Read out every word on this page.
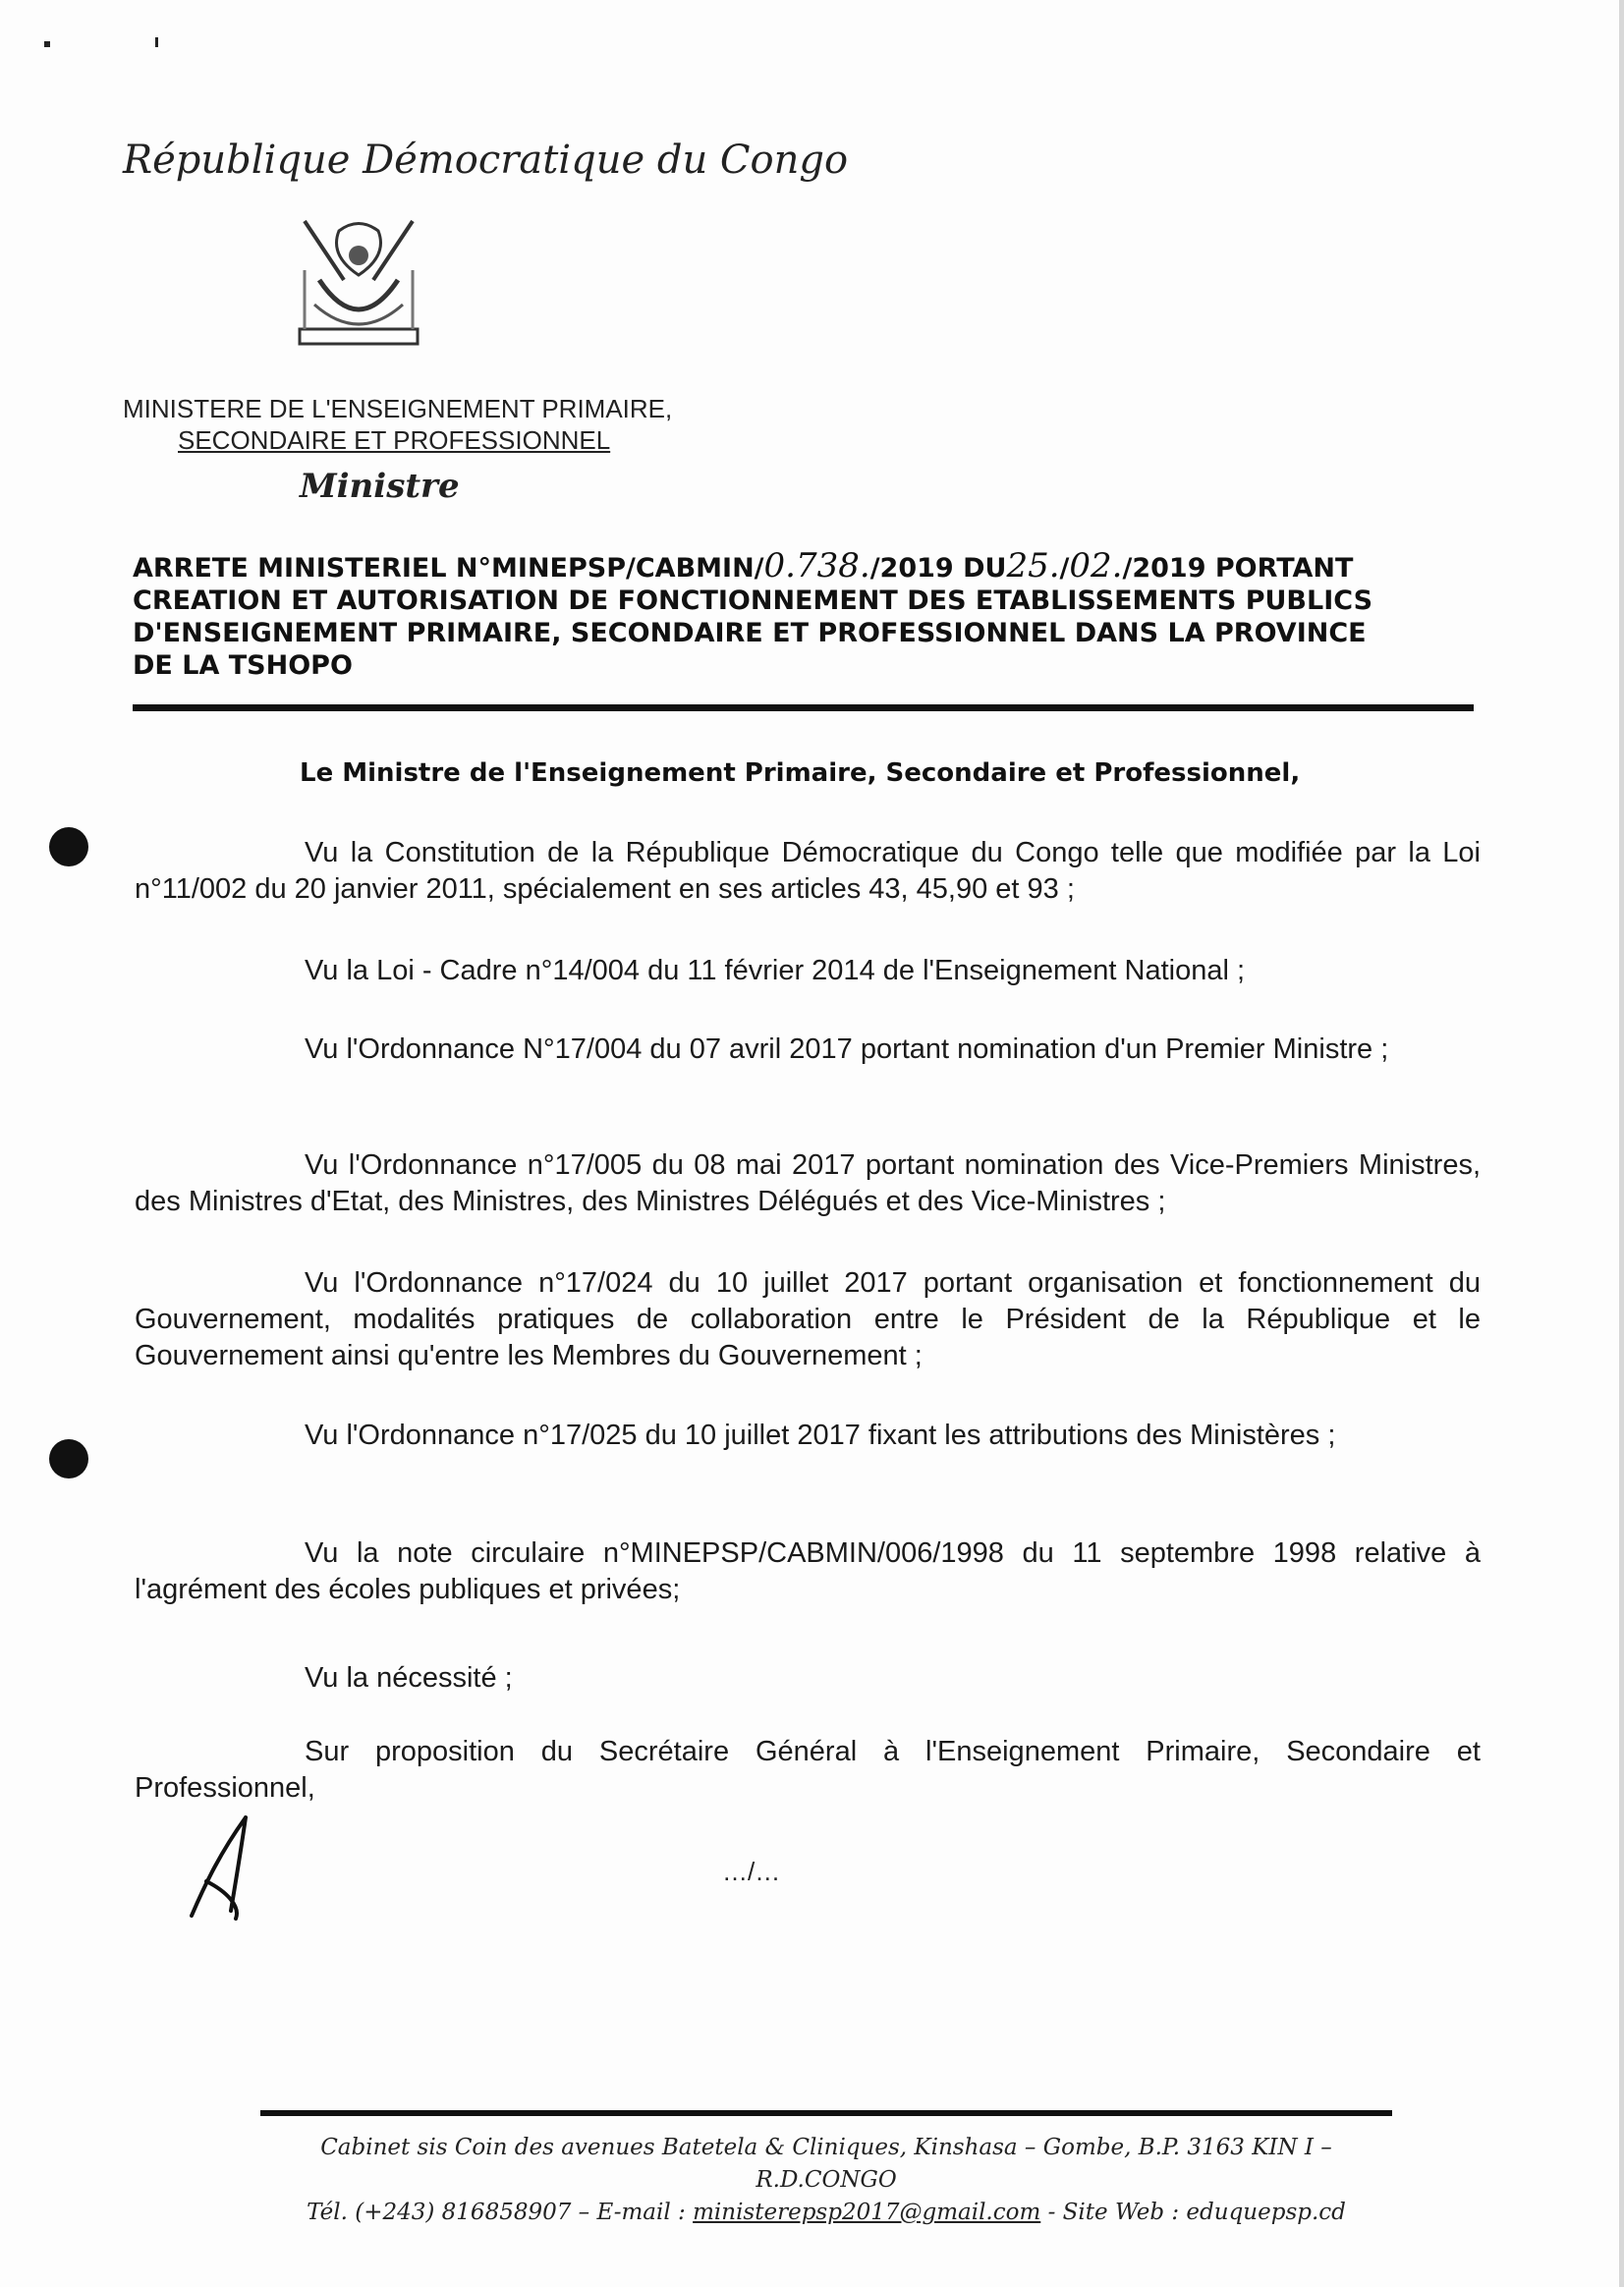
République Démocratique du Congo
MINISTERE DE L'ENSEIGNEMENT PRIMAIRE,
SECONDAIRE ET PROFESSIONNEL
Ministre
ARRETE MINISTERIEL N°MINEPSP/CABMIN/0.738./2019 DU25./02./2019 PORTANT
CREATION ET AUTORISATION DE FONCTIONNEMENT DES ETABLISSEMENTS PUBLICS
D'ENSEIGNEMENT PRIMAIRE, SECONDAIRE ET PROFESSIONNEL DANS LA PROVINCE
DE LA TSHOPO
Le Ministre de l'Enseignement Primaire, Secondaire et Professionnel,

Vu la Constitution de la République Démocratique du Congo telle que modifiée par la Loi n°11/002 du 20 janvier 2011, spécialement en ses articles 43, 45,90 et 93 ;

Vu la Loi - Cadre n°14/004 du 11 février 2014 de l'Enseignement National ;

Vu l'Ordonnance N°17/004 du 07 avril 2017 portant nomination d'un Premier Ministre ;

Vu l'Ordonnance n°17/005 du 08 mai 2017 portant nomination des Vice-Premiers Ministres, des Ministres d'Etat, des Ministres, des Ministres Délégués et des Vice-Ministres ;

Vu l'Ordonnance n°17/024 du 10 juillet 2017 portant organisation et fonctionnement du Gouvernement, modalités pratiques de collaboration entre le Président de la République et le Gouvernement ainsi qu'entre les Membres du Gouvernement ;

Vu l'Ordonnance n°17/025 du 10 juillet 2017 fixant les attributions des Ministères ;

Vu la note circulaire n°MINEPSP/CABMIN/006/1998 du 11 septembre 1998 relative à l'agrément des écoles publiques et privées;

Vu la nécessité ;

Sur proposition du Secrétaire Général à l'Enseignement Primaire, Secondaire et Professionnel,

…/…
Cabinet sis Coin des avenues Batetela & Cliniques, Kinshasa – Gombe, B.P. 3163 KIN I – R.D.CONGO
Tél. (+243) 816858907 – E-mail : ministerepsp2017@gmail.com - Site Web : eduquepsp.cd
